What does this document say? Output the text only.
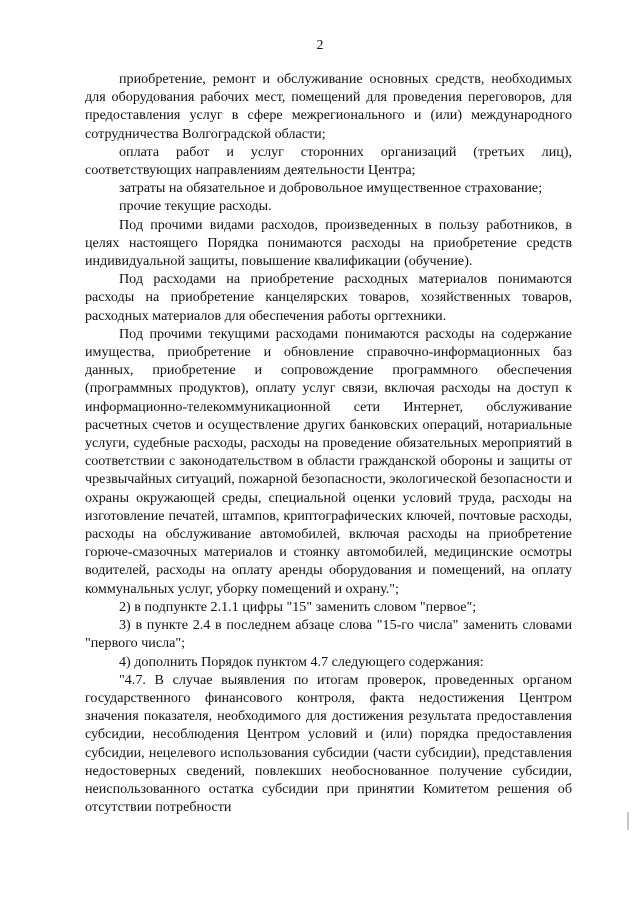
2

приобретение, ремонт и обслуживание основных средств, необходимых для оборудования рабочих мест, помещений для проведения переговоров, для предоставления услуг в сфере межрегионального и (или) международного сотрудничества Волгоградской области;

оплата работ и услуг сторонних организаций (третьих лиц), соответствующих направлениям деятельности Центра;

затраты на обязательное и добровольное имущественное страхование;

прочие текущие расходы.

Под прочими видами расходов, произведенных в пользу работников, в целях настоящего Порядка понимаются расходы на приобретение средств индивидуальной защиты, повышение квалификации (обучение).

Под расходами на приобретение расходных материалов понимаются расходы на приобретение канцелярских товаров, хозяйственных товаров, расходных материалов для обеспечения работы оргтехники.

Под прочими текущими расходами понимаются расходы на содержание имущества, приобретение и обновление справочно-информационных баз данных, приобретение и сопровождение программного обеспечения (программных продуктов), оплату услуг связи, включая расходы на доступ к информационно-телекоммуникационной сети Интернет, обслуживание расчетных счетов и осуществление других банковских операций, нотариальные услуги, судебные расходы, расходы на проведение обязательных мероприятий в соответствии с законодательством в области гражданской обороны и защиты от чрезвычайных ситуаций, пожарной безопасности, экологической безопасности и охраны окружающей среды, специальной оценки условий труда, расходы на изготовление печатей, штампов, криптографических ключей, почтовые расходы, расходы на обслуживание автомобилей, включая расходы на приобретение горюче-смазочных материалов и стоянку автомобилей, медицинские осмотры водителей, расходы на оплату аренды оборудования и помещений, на оплату коммунальных услуг, уборку помещений и охрану.";

2) в подпункте 2.1.1 цифры "15" заменить словом "первое";

3) в пункте 2.4 в последнем абзаце слова "15-го числа" заменить словами "первого числа";

4) дополнить Порядок пунктом 4.7 следующего содержания:

"4.7. В случае выявления по итогам проверок, проведенных органом государственного финансового контроля, факта недостижения Центром значения показателя, необходимого для достижения результата предоставления субсидии, несоблюдения Центром условий и (или) порядка предоставления субсидии, нецелевого использования субсидии (части субсидии), представления недостоверных сведений, повлекших необоснованное получение субсидии, неиспользованного остатка субсидии при принятии Комитетом решения об отсутствии потребности
